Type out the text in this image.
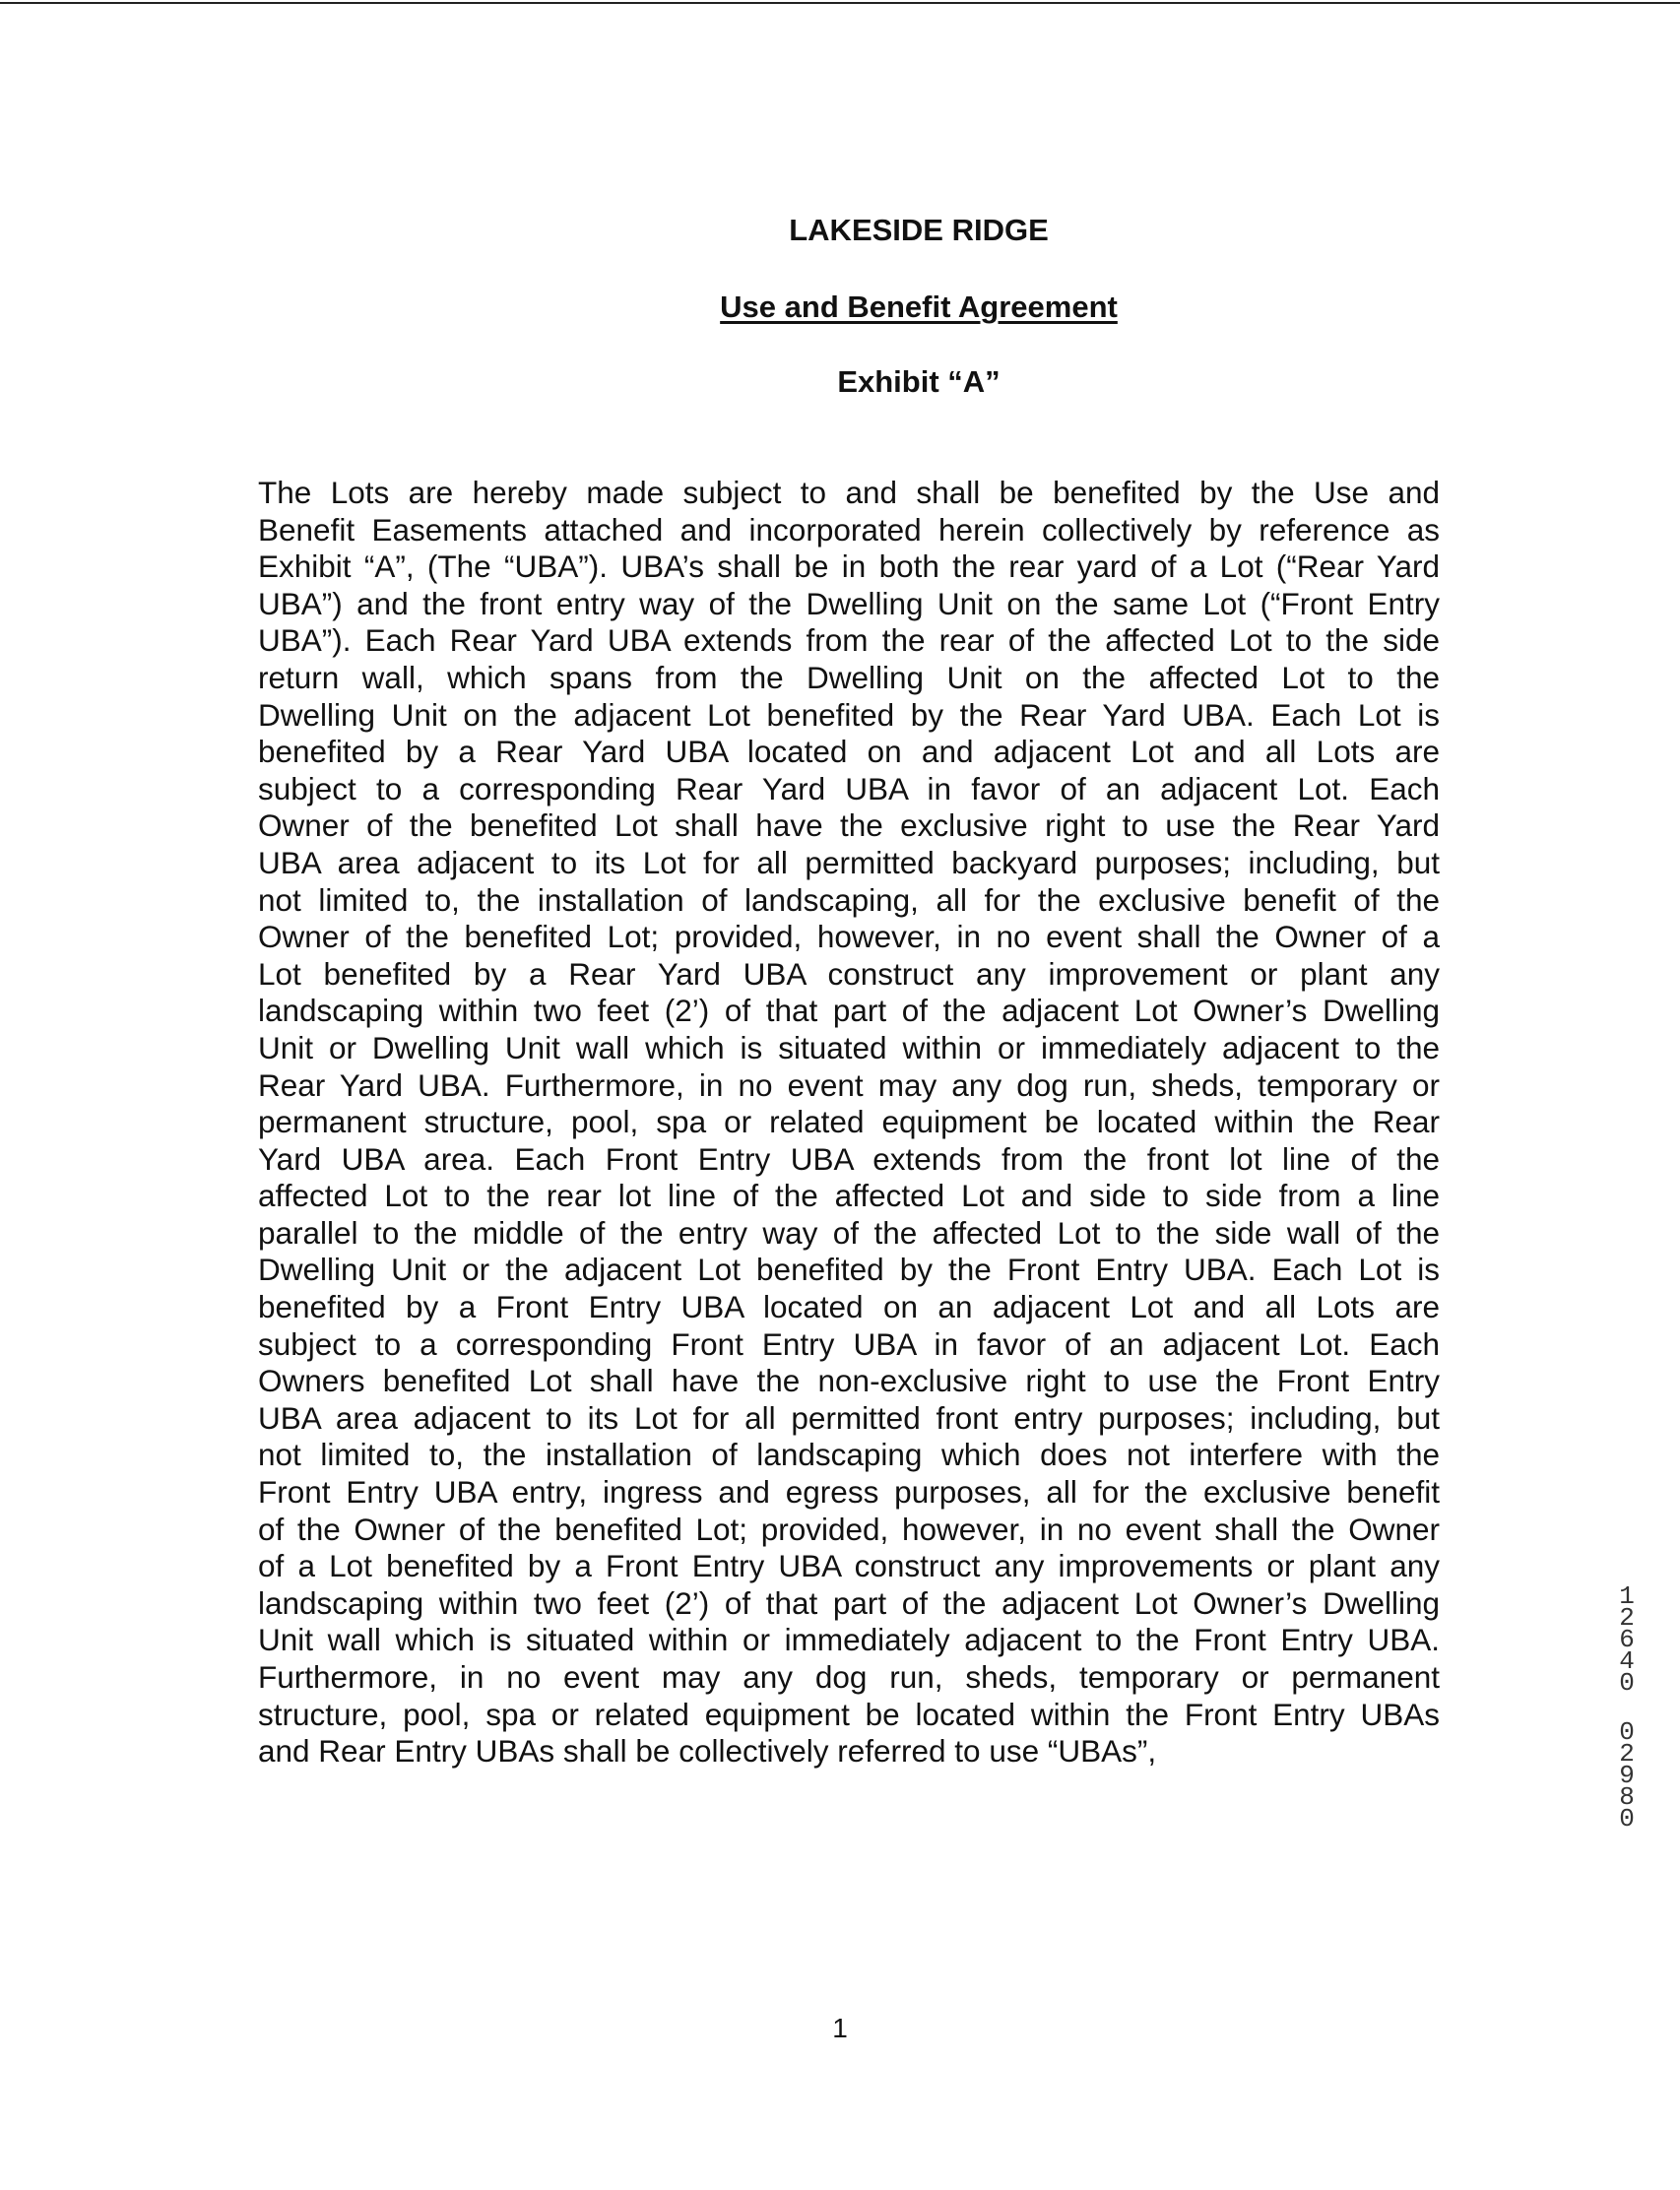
LAKESIDE RIDGE
Use and Benefit Agreement
Exhibit “A”
The Lots are hereby made subject to and shall be benefited by the Use and
Benefit Easements attached and incorporated herein collectively by reference as
Exhibit “A”, (The “UBA”). UBA’s shall be in both the rear yard of a Lot (“Rear Yard
UBA”) and the front entry way of the Dwelling Unit on the same Lot (“Front Entry
UBA”). Each Rear Yard UBA extends from the rear of the affected Lot to the side
return wall, which spans from the Dwelling Unit on the affected Lot to the
Dwelling Unit on the adjacent Lot benefited by the Rear Yard UBA. Each Lot is
benefited by a Rear Yard UBA located on and adjacent Lot and all Lots are
subject to a corresponding Rear Yard UBA in favor of an adjacent Lot. Each
Owner of the benefited Lot shall have the exclusive right to use the Rear Yard
UBA area adjacent to its Lot for all permitted backyard purposes; including, but
not limited to, the installation of landscaping, all for the exclusive benefit of the
Owner of the benefited Lot; provided, however, in no event shall the Owner of a
Lot benefited by a Rear Yard UBA construct any improvement or plant any
landscaping within two feet (2’) of that part of the adjacent Lot Owner’s Dwelling
Unit or Dwelling Unit wall which is situated within or immediately adjacent to the
Rear Yard UBA. Furthermore, in no event may any dog run, sheds, temporary or
permanent structure, pool, spa or related equipment be located within the Rear
Yard UBA area. Each Front Entry UBA extends from the front lot line of the
affected Lot to the rear lot line of the affected Lot and side to side from a line
parallel to the middle of the entry way of the affected Lot to the side wall of the
Dwelling Unit or the adjacent Lot benefited by the Front Entry UBA. Each Lot is
benefited by a Front Entry UBA located on an adjacent Lot and all Lots are
subject to a corresponding Front Entry UBA in favor of an adjacent Lot. Each
Owners benefited Lot shall have the non-exclusive right to use the Front Entry
UBA area adjacent to its Lot for all permitted front entry purposes; including, but
not limited to, the installation of landscaping which does not interfere with the
Front Entry UBA entry, ingress and egress purposes, all for the exclusive benefit
of the Owner of the benefited Lot; provided, however, in no event shall the Owner
of a Lot benefited by a Front Entry UBA construct any improvements or plant any
landscaping within two feet (2’) of that part of the adjacent Lot Owner’s Dwelling
Unit wall which is situated within or immediately adjacent to the Front Entry UBA.
Furthermore, in no event may any dog run, sheds, temporary or permanent
structure, pool, spa or related equipment be located within the Front Entry UBAs
and Rear Entry UBAs shall be collectively referred to use “UBAs”,
1
2
6
4
0
0
2
9
8
0
1
